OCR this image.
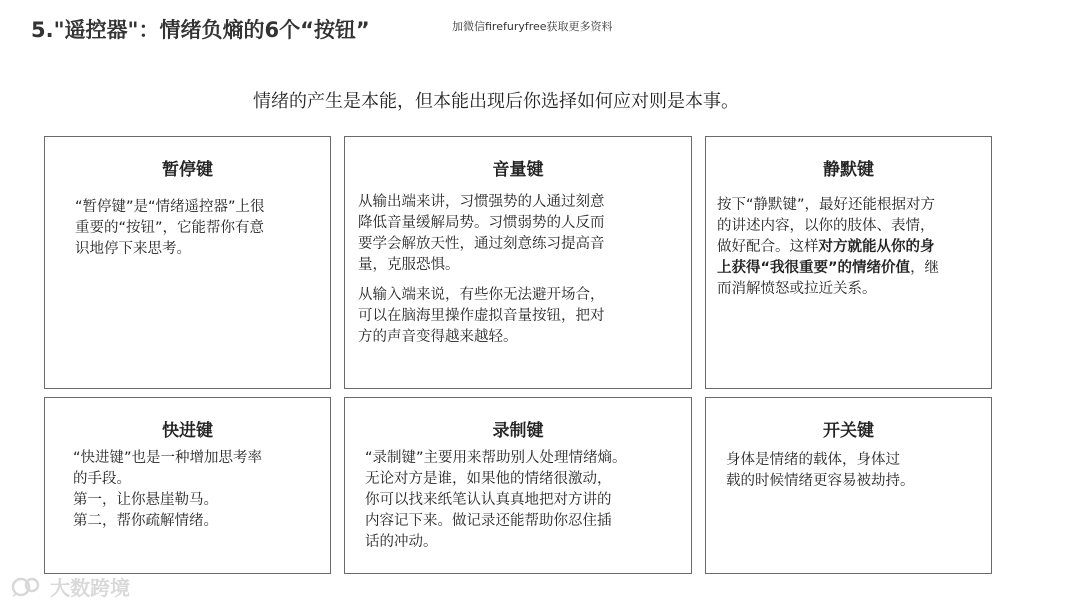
5."遥控器"：情绪负熵的6个“按钮”	加微信firefuryfree获取更多资料
情绪的产生是本能，但本能出现后你选择如何应对则是本事。
暂停键
“暂停键”是“情绪遥控器”上很
重要的“按钮”，它能帮你有意
识地停下来思考。
音量键

从输出端来讲，习惯强势的人通过刻意
降低音量缓解局势。习惯弱势的人反而
要学会解放天性，通过刻意练习提高音
量，克服恐惧。

从输入端来说，有些你无法避开场合，
可以在脑海里操作虚拟音量按钮，把对
方的声音变得越来越轻。

静默键
按下“静默键”，最好还能根据对方
的讲述内容，以你的肢体、表情，
做好配合。这样对方就能从你的身
上获得“我很重要”的情绪价值，继
而消解愤怒或拉近关系。
快进键
“快进键”也是一种增加思考率
的手段。
第一，让你悬崖勒马。
第二，帮你疏解情绪。
录制键
“录制键”主要用来帮助别人处理情绪熵。
无论对方是谁，如果他的情绪很激动，
你可以找来纸笔认认真真地把对方讲的
内容记下来。做记录还能帮助你忍住插
话的冲动。
开关键
身体是情绪的载体，身体过
载的时候情绪更容易被劫持。
大数跨境
